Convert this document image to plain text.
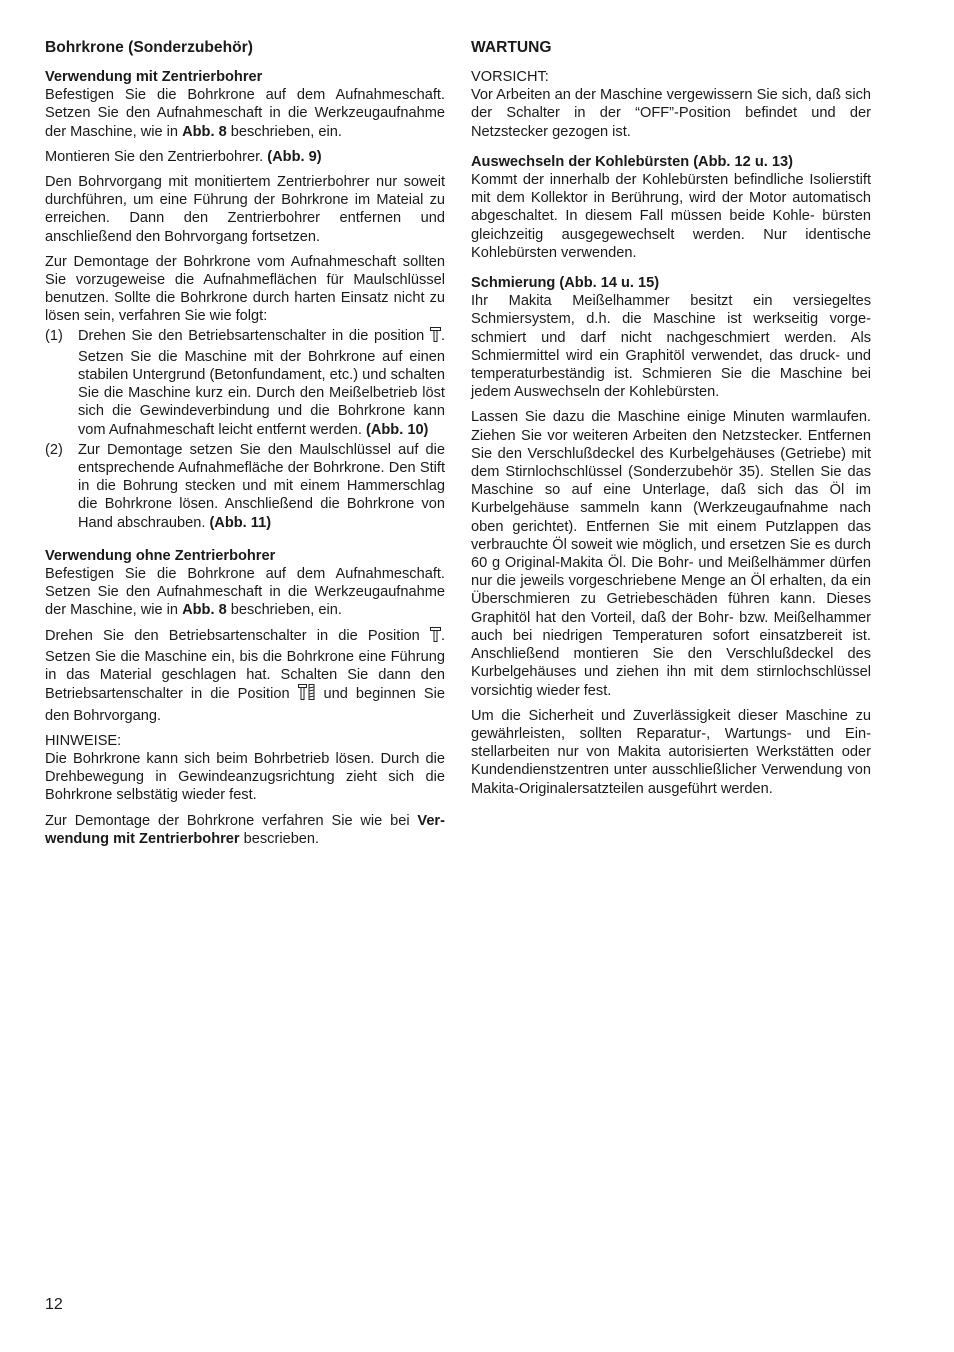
Bohrkrone (Sonderzubehör)
Verwendung mit Zentrierbohrer

Befestigen Sie die Bohrkrone auf dem Aufnahmeschaft. Setzen Sie den Aufnahmeschaft in die Werkzeugaufnahme der Maschine, wie in Abb. 8 beschrieben, ein.

Montieren Sie den Zentrierbohrer. (Abb. 9)

Den Bohrvorgang mit monitiertem Zentrierbohrer nur soweit durchführen, um eine Führung der Bohrkrone im Mateial zu erreichen. Dann den Zentrierbohrer entfernen und anschließend den Bohrvorgang fortsetzen.

Zur Demontage der Bohrkrone vom Aufnahmeschaft sollten Sie vorzugeweise die Aufnahmeflächen für Maulschlüssel benutzen. Sollte die Bohrkrone durch harten Einsatz nicht zu lösen sein, verfahren Sie wie folgt:

(1) Drehen Sie den Betriebsartenschalter in die position . Setzen Sie die Maschine mit der Bohrkrone auf einen stabilen Untergrund (Betonfundament, etc.) und schalten Sie die Maschine kurz ein. Durch den Meißelbetrieb löst sich die Gewindeverbindung und die Bohrkrone kann vom Aufnahmeschaft leicht entfernt werden. (Abb. 10)
(2) Zur Demontage setzen Sie den Maulschlüssel auf die entsprechende Aufnahmefläche der Bohrkrone. Den Stift in die Bohrung stecken und mit einem Hammerschlag die Bohrkrone lösen. Anschließend die Bohrkrone von Hand abschrauben. (Abb. 11)
Verwendung ohne Zentrierbohrer

Befestigen Sie die Bohrkrone auf dem Aufnahmeschaft. Setzen Sie den Aufnahmeschaft in die Werkzeugaufnahme der Maschine, wie in Abb. 8 beschrieben, ein.

Drehen Sie den Betriebsartenschalter in die Position . Setzen Sie die Maschine ein, bis die Bohrkrone eine Führung in das Material geschlagen hat. Schalten Sie dann den Betriebsartenschalter in die Position  und beginnen Sie den Bohrvorgang.

HINWEISE:

Die Bohrkrone kann sich beim Bohrbetrieb lösen. Durch die Drehbewegung in Gewindeanzugsrichtung zieht sich die Bohrkrone selbstätig wieder fest.

Zur Demontage der Bohrkrone verfahren Sie wie bei Verwendung mit Zentrierbohrer bescrieben.

WARTUNG

VORSICHT:

Vor Arbeiten an der Maschine vergewissern Sie sich, daß sich der Schalter in der “OFF”-Position befindet und der Netzstecker gezogen ist.

Auswechseln der Kohlebürsten (Abb. 12 u. 13)

Kommt der innerhalb der Kohlebürsten befindliche Isolierstift mit dem Kollektor in Berührung, wird der Motor automatisch abgeschaltet. In diesem Fall müssen beide Kohle- bürsten gleichzeitig ausgegewechselt werden. Nur identische Kohlebürsten verwenden.

Schmierung (Abb. 14 u. 15)

Ihr Makita Meißelhammer besitzt ein versiegeltes Schmiersystem, d.h. die Maschine ist werkseitig vorgeschmiert und darf nicht nachgeschmiert werden. Als Schmiermittel wird ein Graphitöl verwendet, das druck- und temperaturbeständig ist. Schmieren Sie die Maschine bei jedem Auswechseln der Kohlebürsten.

Lassen Sie dazu die Maschine einige Minuten warmlaufen. Ziehen Sie vor weiteren Arbeiten den Netzstecker. Entfernen Sie den Verschlußdeckel des Kurbelgehäuses (Getriebe) mit dem Stirnlochschlüssel (Sonderzubehör 35). Stellen Sie das Maschine so auf eine Unterlage, daß sich das Öl im Kurbelgehäuse sammeln kann (Werkzeugaufnahme nach oben gerichtet). Entfernen Sie mit einem Putzlappen das verbrauchte Öl soweit wie möglich, und ersetzen Sie es durch 60 g Original-Makita Öl. Die Bohr- und Meißelhämmer dürfen nur die jeweils vorgeschriebene Menge an Öl erhalten, da ein Überschmieren zu Getriebeschäden führen kann. Dieses Graphitöl hat den Vorteil, daß der Bohr- bzw. Meißelhammer auch bei niedrigen Temperaturen sofort einsatzbereit ist. Anschließend montieren Sie den Verschlußdeckel des Kurbelgehäuses und ziehen ihn mit dem stirnlochschlüssel vorsichtig wieder fest.

Um die Sicherheit und Zuverlässigkeit dieser Maschine zu gewährleisten, sollten Reparatur-, Wartungs- und Einstellarbeiten nur von Makita autorisierten Werkstätten oder Kundendienstzentren unter ausschließlicher Verwendung von Makita-Originalersatzteilen ausgeführt werden.

12
